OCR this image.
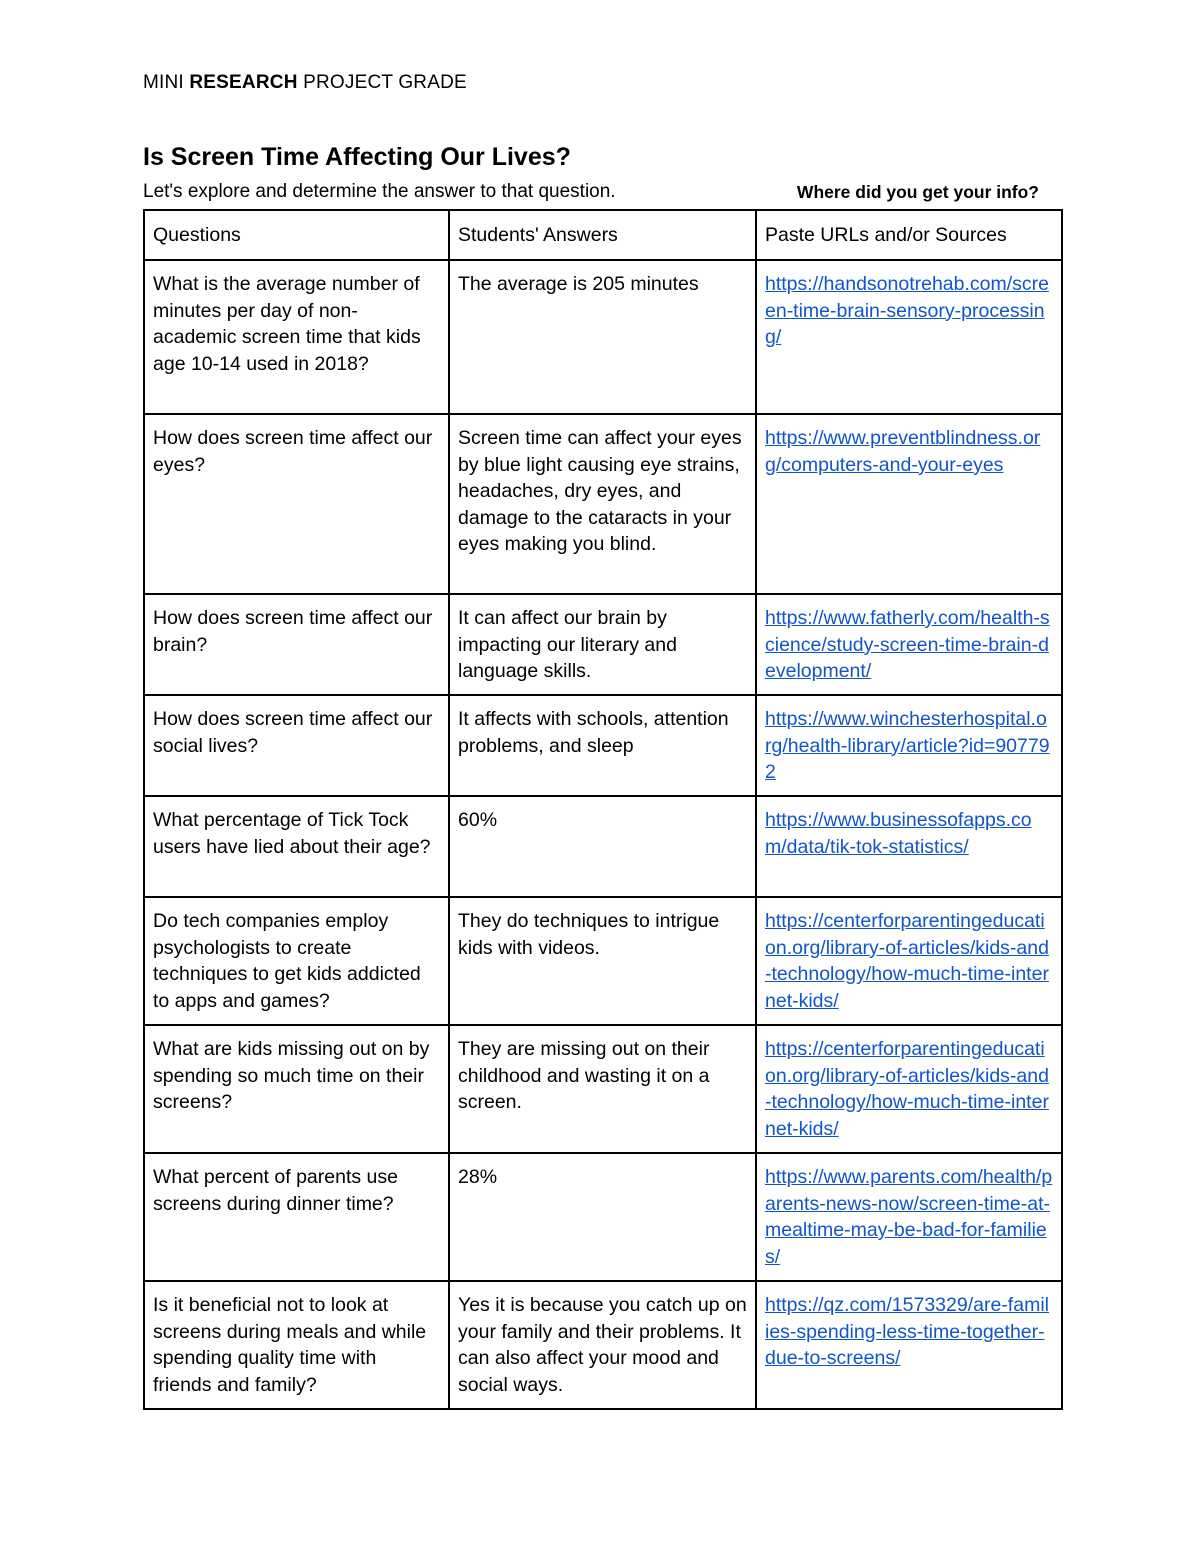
MINI RESEARCH PROJECT GRADE
Is Screen Time Affecting Our Lives?
Let's explore and determine the answer to that question.	Where did you get your info?
Questions	Students' Answers	Paste URLs and/or Sources
What is the average number of minutes per day of non-academic screen time that kids age 10-14 used in 2018?	The average is 205 minutes	https://handsonotrehab.com/screen-time-brain-sensory-processing/
How does screen time affect our eyes?	Screen time can affect your eyes by blue light causing eye strains, headaches, dry eyes, and damage to the cataracts in your eyes making you blind.	https://www.preventblindness.org/computers-and-your-eyes
How does screen time affect our brain?	It can affect our brain by impacting our literary and language skills.	https://www.fatherly.com/health-science/study-screen-time-brain-development/
How does screen time affect our social lives?	It affects with schools, attention problems, and sleep	https://www.winchesterhospital.org/health-library/article?id=907792
What percentage of Tick Tock users have lied about their age?	60%	https://www.businessofapps.com/data/tik-tok-statistics/
Do tech companies employ psychologists to create techniques to get kids addicted to apps and games?	They do techniques to intrigue kids with videos.	https://centerforparentingeducation.org/library-of-articles/kids-and-technology/how-much-time-internet-kids/
What are kids missing out on by spending so much time on their screens?	They are missing out on their childhood and wasting it on a screen.	https://centerforparentingeducation.org/library-of-articles/kids-and-technology/how-much-time-internet-kids/
What percent of parents use screens during dinner time?	28%	https://www.parents.com/health/parents-news-now/screen-time-at-mealtime-may-be-bad-for-families/
Is it beneficial not to look at screens during meals and while spending quality time with friends and family?	Yes it is because you catch up on your family and their problems. It can also affect your mood and social ways.	https://qz.com/1573329/are-families-spending-less-time-together-due-to-screens/
